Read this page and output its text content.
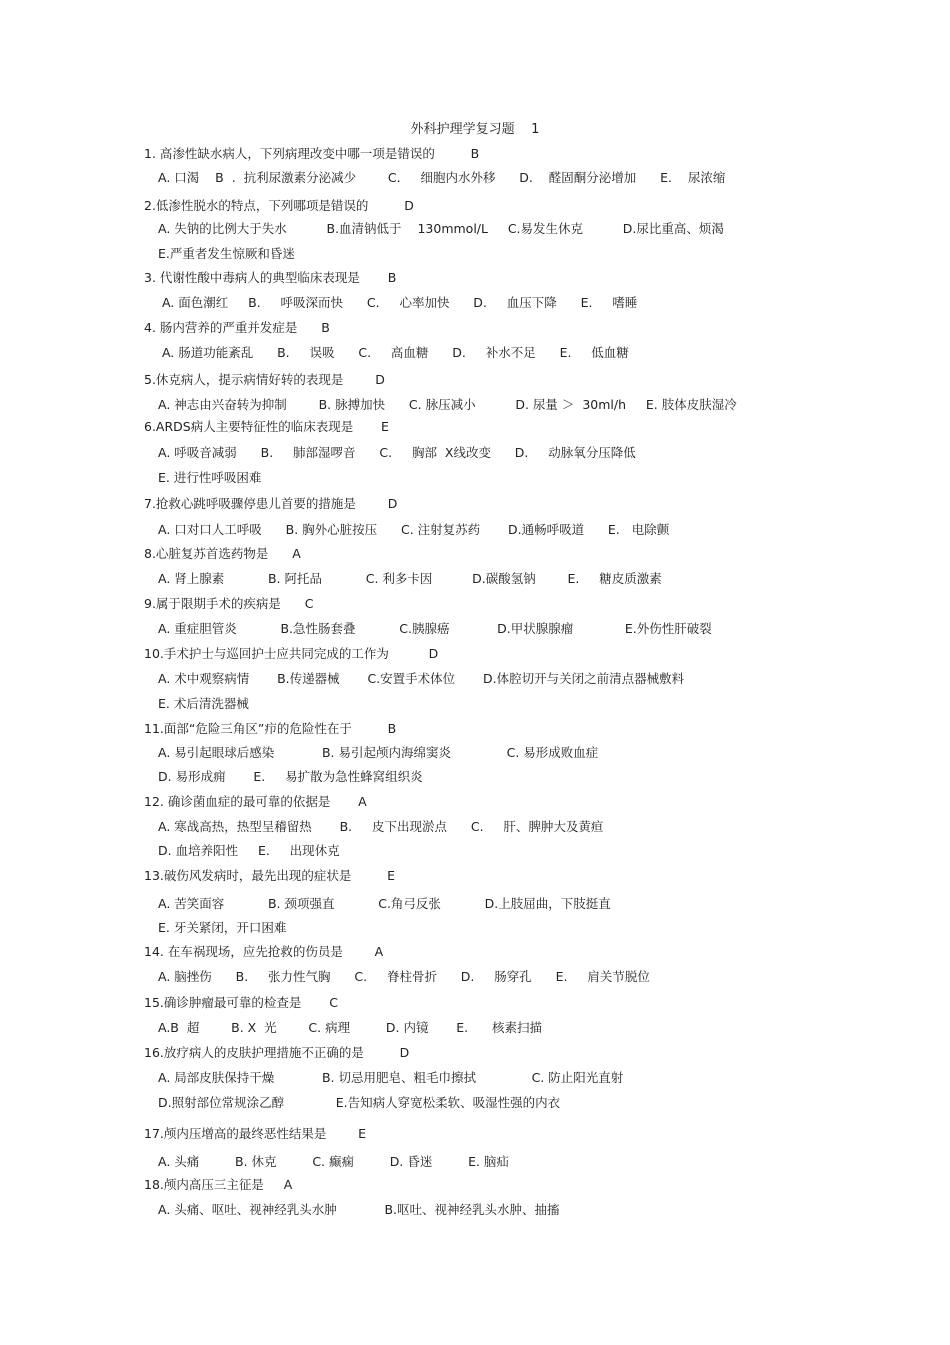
外科护理学复习题    1
1. 高渗性缺水病人，下列病理改变中哪一项是错误的         B
A. 口渴    B  .  抗利尿激素分泌减少        C.     细胞内水外移      D.    醛固酮分泌增加      E.    尿浓缩
2.低渗性脱水的特点，下列哪项是错误的         D
A. 失钠的比例大于失水          B.血清钠低于    130mmol/L     C.易发生休克          D.尿比重高、烦渴
E.严重者发生惊厥和昏迷
3. 代谢性酸中毒病人的典型临床表现是       B
A. 面色潮红     B.     呼吸深而快      C.     心率加快      D.     血压下降      E.     嗜睡
4. 肠内营养的严重并发症是      B
A. 肠道功能紊乱      B.     误吸      C.     高血糖      D.     补水不足      E.     低血糖
5.休克病人，提示病情好转的表现是        D
A. 神志由兴奋转为抑制        B. 脉搏加快      C. 脉压减小          D. 尿量 ＞  30ml/h     E. 肢体皮肤湿冷
6.ARDS病人主要特征性的临床表现是       E
A. 呼吸音减弱      B.     肺部湿啰音      C.     胸部  X线改变      D.     动脉氧分压降低
E. 进行性呼吸困难
7.抢救心跳呼吸骤停患儿首要的措施是        D
A. 口对口人工呼吸      B. 胸外心脏按压      C. 注射复苏药       D.通畅呼吸道      E.   电除颤
8.心脏复苏首选药物是      A
A. 肾上腺素           B. 阿托品           C. 利多卡因          D.碳酸氢钠        E.     糖皮质激素
9.属于限期手术的疾病是      C
A. 重症胆管炎           B.急性肠套叠           C.胰腺癌            D.甲状腺腺瘤             E.外伤性肝破裂
10.手术护士与巡回护士应共同完成的工作为          D
A. 术中观察病情       B.传递器械       C.安置手术体位       D.体腔切开与关闭之前清点器械敷料
E. 术后清洗器械
11.面部“危险三角区”疖的危险性在于         B
A. 易引起眼球后感染            B. 易引起颅内海绵窦炎              C. 易形成败血症
D. 易形成痈       E.     易扩散为急性蜂窝组织炎
12. 确诊菌血症的最可靠的依据是       A
A. 寒战高热，热型呈稽留热       B.     皮下出现淤点      C.     肝、脾肿大及黄疸
D. 血培养阳性     E.     出现休克
13.破伤风发病时，最先出现的症状是         E
A. 苦笑面容           B. 颈项强直           C.角弓反张           D.上肢屈曲，下肢挺直
E. 牙关紧闭，开口困难
14. 在车祸现场，应先抢救的伤员是        A
A. 脑挫伤      B.     张力性气胸      C.     脊柱骨折      D.     肠穿孔      E.     肩关节脱位
15.确诊肿瘤最可靠的检查是       C
A.B  超        B. X  光        C. 病理         D. 内镜       E.      核素扫描
16.放疗病人的皮肤护理措施不正确的是         D
A. 局部皮肤保持干燥            B. 切忌用肥皂、粗毛巾擦拭              C. 防止阳光直射
D.照射部位常规涂乙醇             E.告知病人穿宽松柔软、吸湿性强的内衣
17.颅内压增高的最终恶性结果是        E
A. 头痛         B. 休克         C. 癫痫         D. 昏迷         E. 脑疝
18.颅内高压三主征是     A
A. 头痛、呕吐、视神经乳头水肿            B.呕吐、视神经乳头水肿、抽搐
